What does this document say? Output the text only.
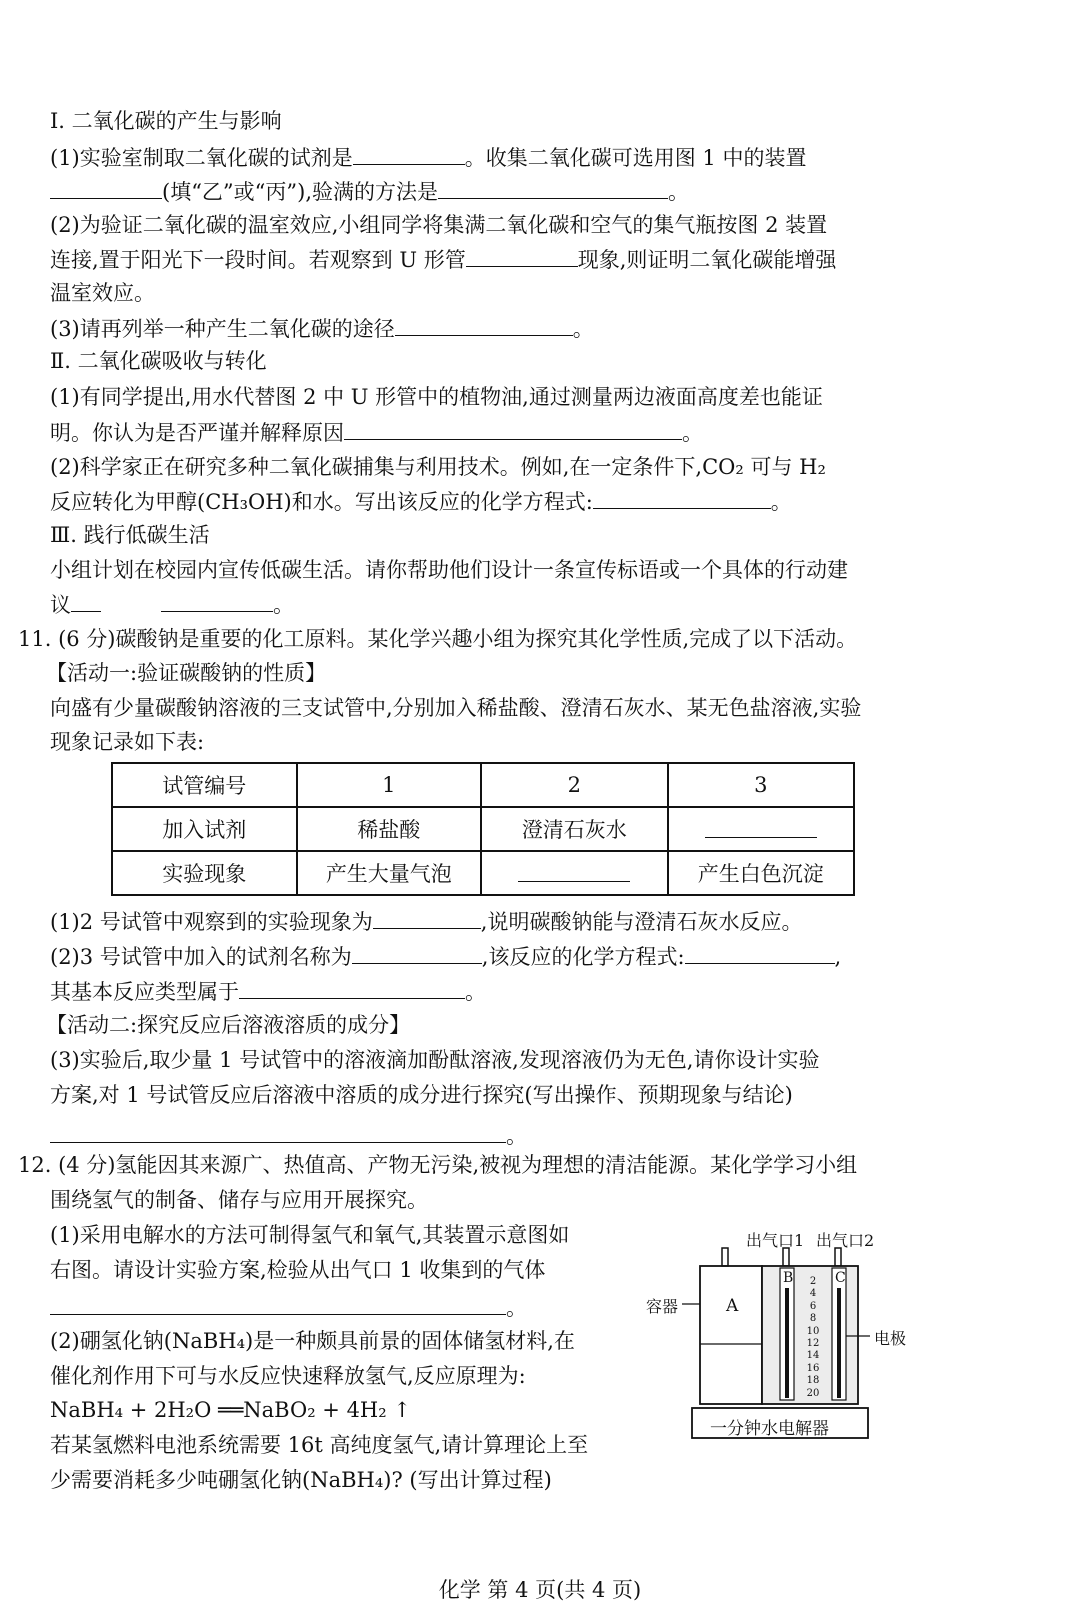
Ⅰ. 二氧化碳的产生与影响
(1)实验室制取二氧化碳的试剂是	。收集二氧化碳可选用图 1 中的装置
(填“乙”或“丙”),验满的方法是	。
(2)为验证二氧化碳的温室效应,小组同学将集满二氧化碳和空气的集气瓶按图 2 装置
连接,置于阳光下一段时间。若观察到 U 形管	现象,则证明二氧化碳能增强
温室效应。
(3)请再列举一种产生二氧化碳的途径	。
Ⅱ. 二氧化碳吸收与转化
(1)有同学提出,用水代替图 2 中 U 形管中的植物油,通过测量两边液面高度差也能证
明。你认为是否严谨并解释原因	。
(2)科学家正在研究多种二氧化碳捕集与利用技术。例如,在一定条件下,CO₂ 可与 H₂
反应转化为甲醇(CH₃OH)和水。写出该反应的化学方程式:	。
Ⅲ. 践行低碳生活
小组计划在校园内宣传低碳生活。请你帮助他们设计一条宣传标语或一个具体的行动建
议	。
11. (6 分)碳酸钠是重要的化工原料。某化学兴趣小组为探究其化学性质,完成了以下活动。
【活动一:验证碳酸钠的性质】
向盛有少量碳酸钠溶液的三支试管中,分别加入稀盐酸、澄清石灰水、某无色盐溶液,实验
现象记录如下表:
试管编号	1	2	3
加入试剂	稀盐酸	澄清石灰水	
实验现象	产生大量气泡		产生白色沉淀
(1)2 号试管中观察到的实验现象为	,说明碳酸钠能与澄清石灰水反应。
(2)3 号试管中加入的试剂名称为	,该反应的化学方程式:	,
其基本反应类型属于	。
【活动二:探究反应后溶液溶质的成分】
(3)实验后,取少量 1 号试管中的溶液滴加酚酞溶液,发现溶液仍为无色,请你设计实验
方案,对 1 号试管反应后溶液中溶质的成分进行探究(写出操作、预期现象与结论)
。
12. (4 分)氢能因其来源广、热值高、产物无污染,被视为理想的清洁能源。某化学学习小组
围绕氢气的制备、储存与应用开展探究。
(1)采用电解水的方法可制得氢气和氧气,其装置示意图如
右图。请设计实验方案,检验从出气口 1 收集到的气体
。
(2)硼氢化钠(NaBH₄)是一种颇具前景的固体储氢材料,在
催化剂作用下可与水反应快速释放氢气,反应原理为:
NaBH₄ + 2H₂O ══NaBO₂ + 4H₂ ↑
若某氢燃料电池系统需要 16t 高纯度氢气,请计算理论上至
少需要消耗多少吨硼氢化钠(NaBH₄)? (写出计算过程)
出气口1 出气口2
容器
电极
A
B	C
2
4
6
8
10
12
14
16
18
20
一分钟水电解器
化学 第 4 页(共 4 页)
